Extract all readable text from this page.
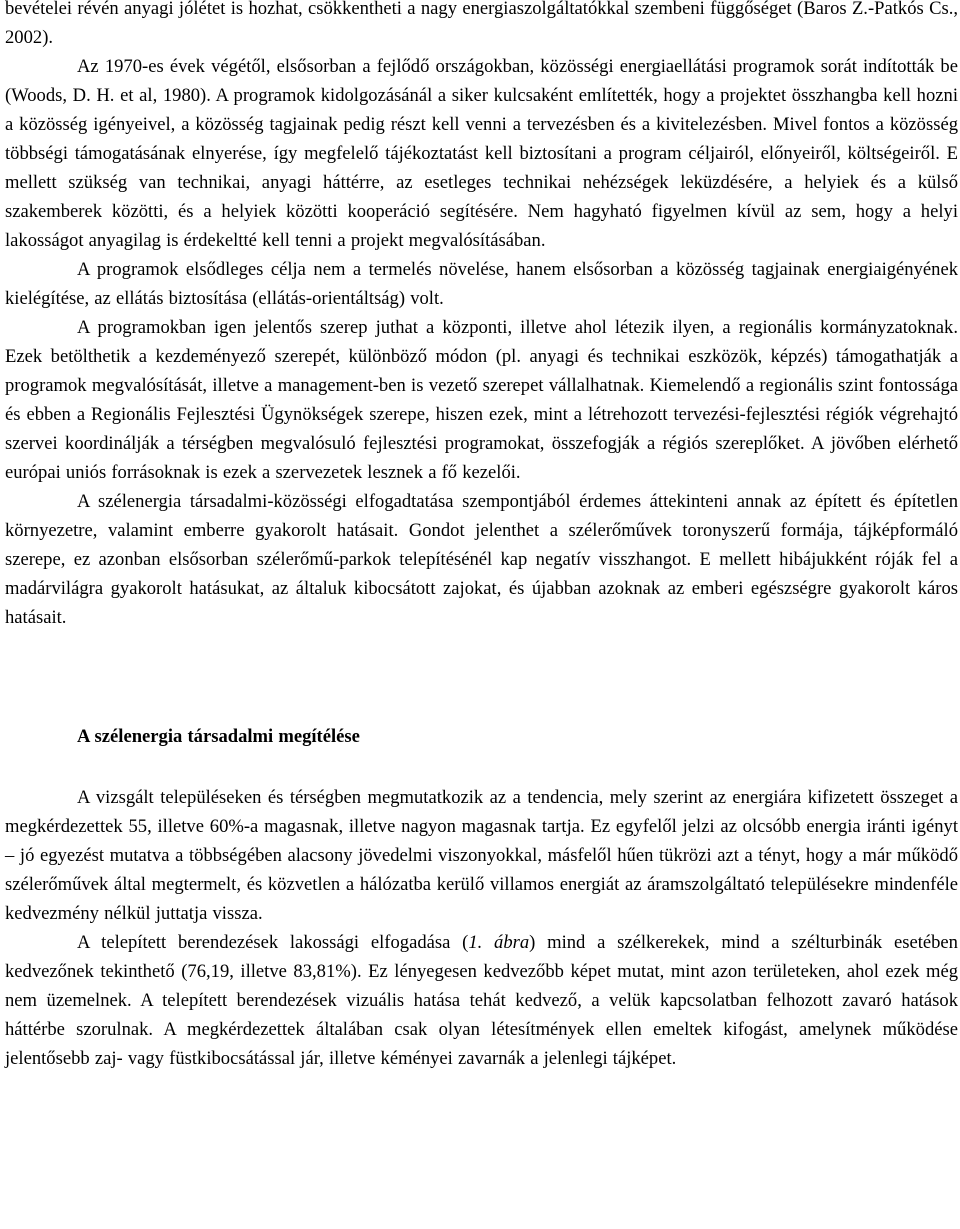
bevételei révén anyagi jólétet is hozhat, csökkentheti a nagy energiaszolgáltatókkal szembeni függőséget (Baros Z.-Patkós Cs., 2002).

Az 1970-es évek végétől, elsősorban a fejlődő országokban, közösségi energiaellátási programok sorát indították be (Woods, D. H. et al, 1980). A programok kidolgozásánál a siker kulcsaként említették, hogy a projektet összhangba kell hozni a közösség igényeivel, a közösség tagjainak pedig részt kell venni a tervezésben és a kivitelezésben. Mivel fontos a közösség többségi támogatásának elnyerése, így megfelelő tájékoztatást kell biztosítani a program céljairól, előnyeiről, költségeiről. E mellett szükség van technikai, anyagi háttérre, az esetleges technikai nehézségek leküzdésére, a helyiek és a külső szakemberek közötti, és a helyiek közötti kooperáció segítésére. Nem hagyható figyelmen kívül az sem, hogy a helyi lakosságot anyagilag is érdekeltté kell tenni a projekt megvalósításában.

A programok elsődleges célja nem a termelés növelése, hanem elsősorban a közösség tagjainak energiaigényének kielégítése, az ellátás biztosítása (ellátás-orientáltság) volt.

A programokban igen jelentős szerep juthat a központi, illetve ahol létezik ilyen, a regionális kormányzatoknak. Ezek betölthetik a kezdeményező szerepét, különböző módon (pl. anyagi és technikai eszközök, képzés) támogathatják a programok megvalósítását, illetve a management-ben is vezető szerepet vállalhatnak. Kiemelendő a regionális szint fontossága és ebben a Regionális Fejlesztési Ügynökségek szerepe, hiszen ezek, mint a létrehozott tervezési-fejlesztési régiók végrehajtó szervei koordinálják a térségben megvalósuló fejlesztési programokat, összefogják a régiós szereplőket. A jövőben elérhető európai uniós forrásoknak is ezek a szervezetek lesznek a fő kezelői.

A szélenergia társadalmi-közösségi elfogadtatása szempontjából érdemes áttekinteni annak az épített és építetlen környezetre, valamint emberre gyakorolt hatásait. Gondot jelenthet a szélerőművek toronyszerű formája, tájképformáló szerepe, ez azonban elsősorban szélerőmű-parkok telepítésénél kap negatív visszhangot. E mellett hibájukként róják fel a madárvilágra gyakorolt hatásukat, az általuk kibocsátott zajokat, és újabban azoknak az emberi egészségre gyakorolt káros hatásait.

A szélenergia társadalmi megítélése

A vizsgált településeken és térségben megmutatkozik az a tendencia, mely szerint az energiára kifizetett összeget a megkérdezettek 55, illetve 60%-a magasnak, illetve nagyon magasnak tartja. Ez egyfelől jelzi az olcsóbb energia iránti igényt – jó egyezést mutatva a többségében alacsony jövedelmi viszonyokkal, másfelől hűen tükrözi azt a tényt, hogy a már működő szélerőművek által megtermelt, és közvetlen a hálózatba kerülő villamos energiát az áramszolgáltató településekre mindenféle kedvezmény nélkül juttatja vissza.

A telepített berendezések lakossági elfogadása (1. ábra) mind a szélkerekek, mind a szélturbinák esetében kedvezőnek tekinthető (76,19, illetve 83,81%). Ez lényegesen kedvezőbb képet mutat, mint azon területeken, ahol ezek még nem üzemelnek. A telepített berendezések vizuális hatása tehát kedvező, a velük kapcsolatban felhozott zavaró hatások háttérbe szorulnak. A megkérdezettek általában csak olyan létesítmények ellen emeltek kifogást, amelynek működése jelentősebb zaj- vagy füstkibocsátással jár, illetve kéményei zavarnák a jelenlegi tájképet.
